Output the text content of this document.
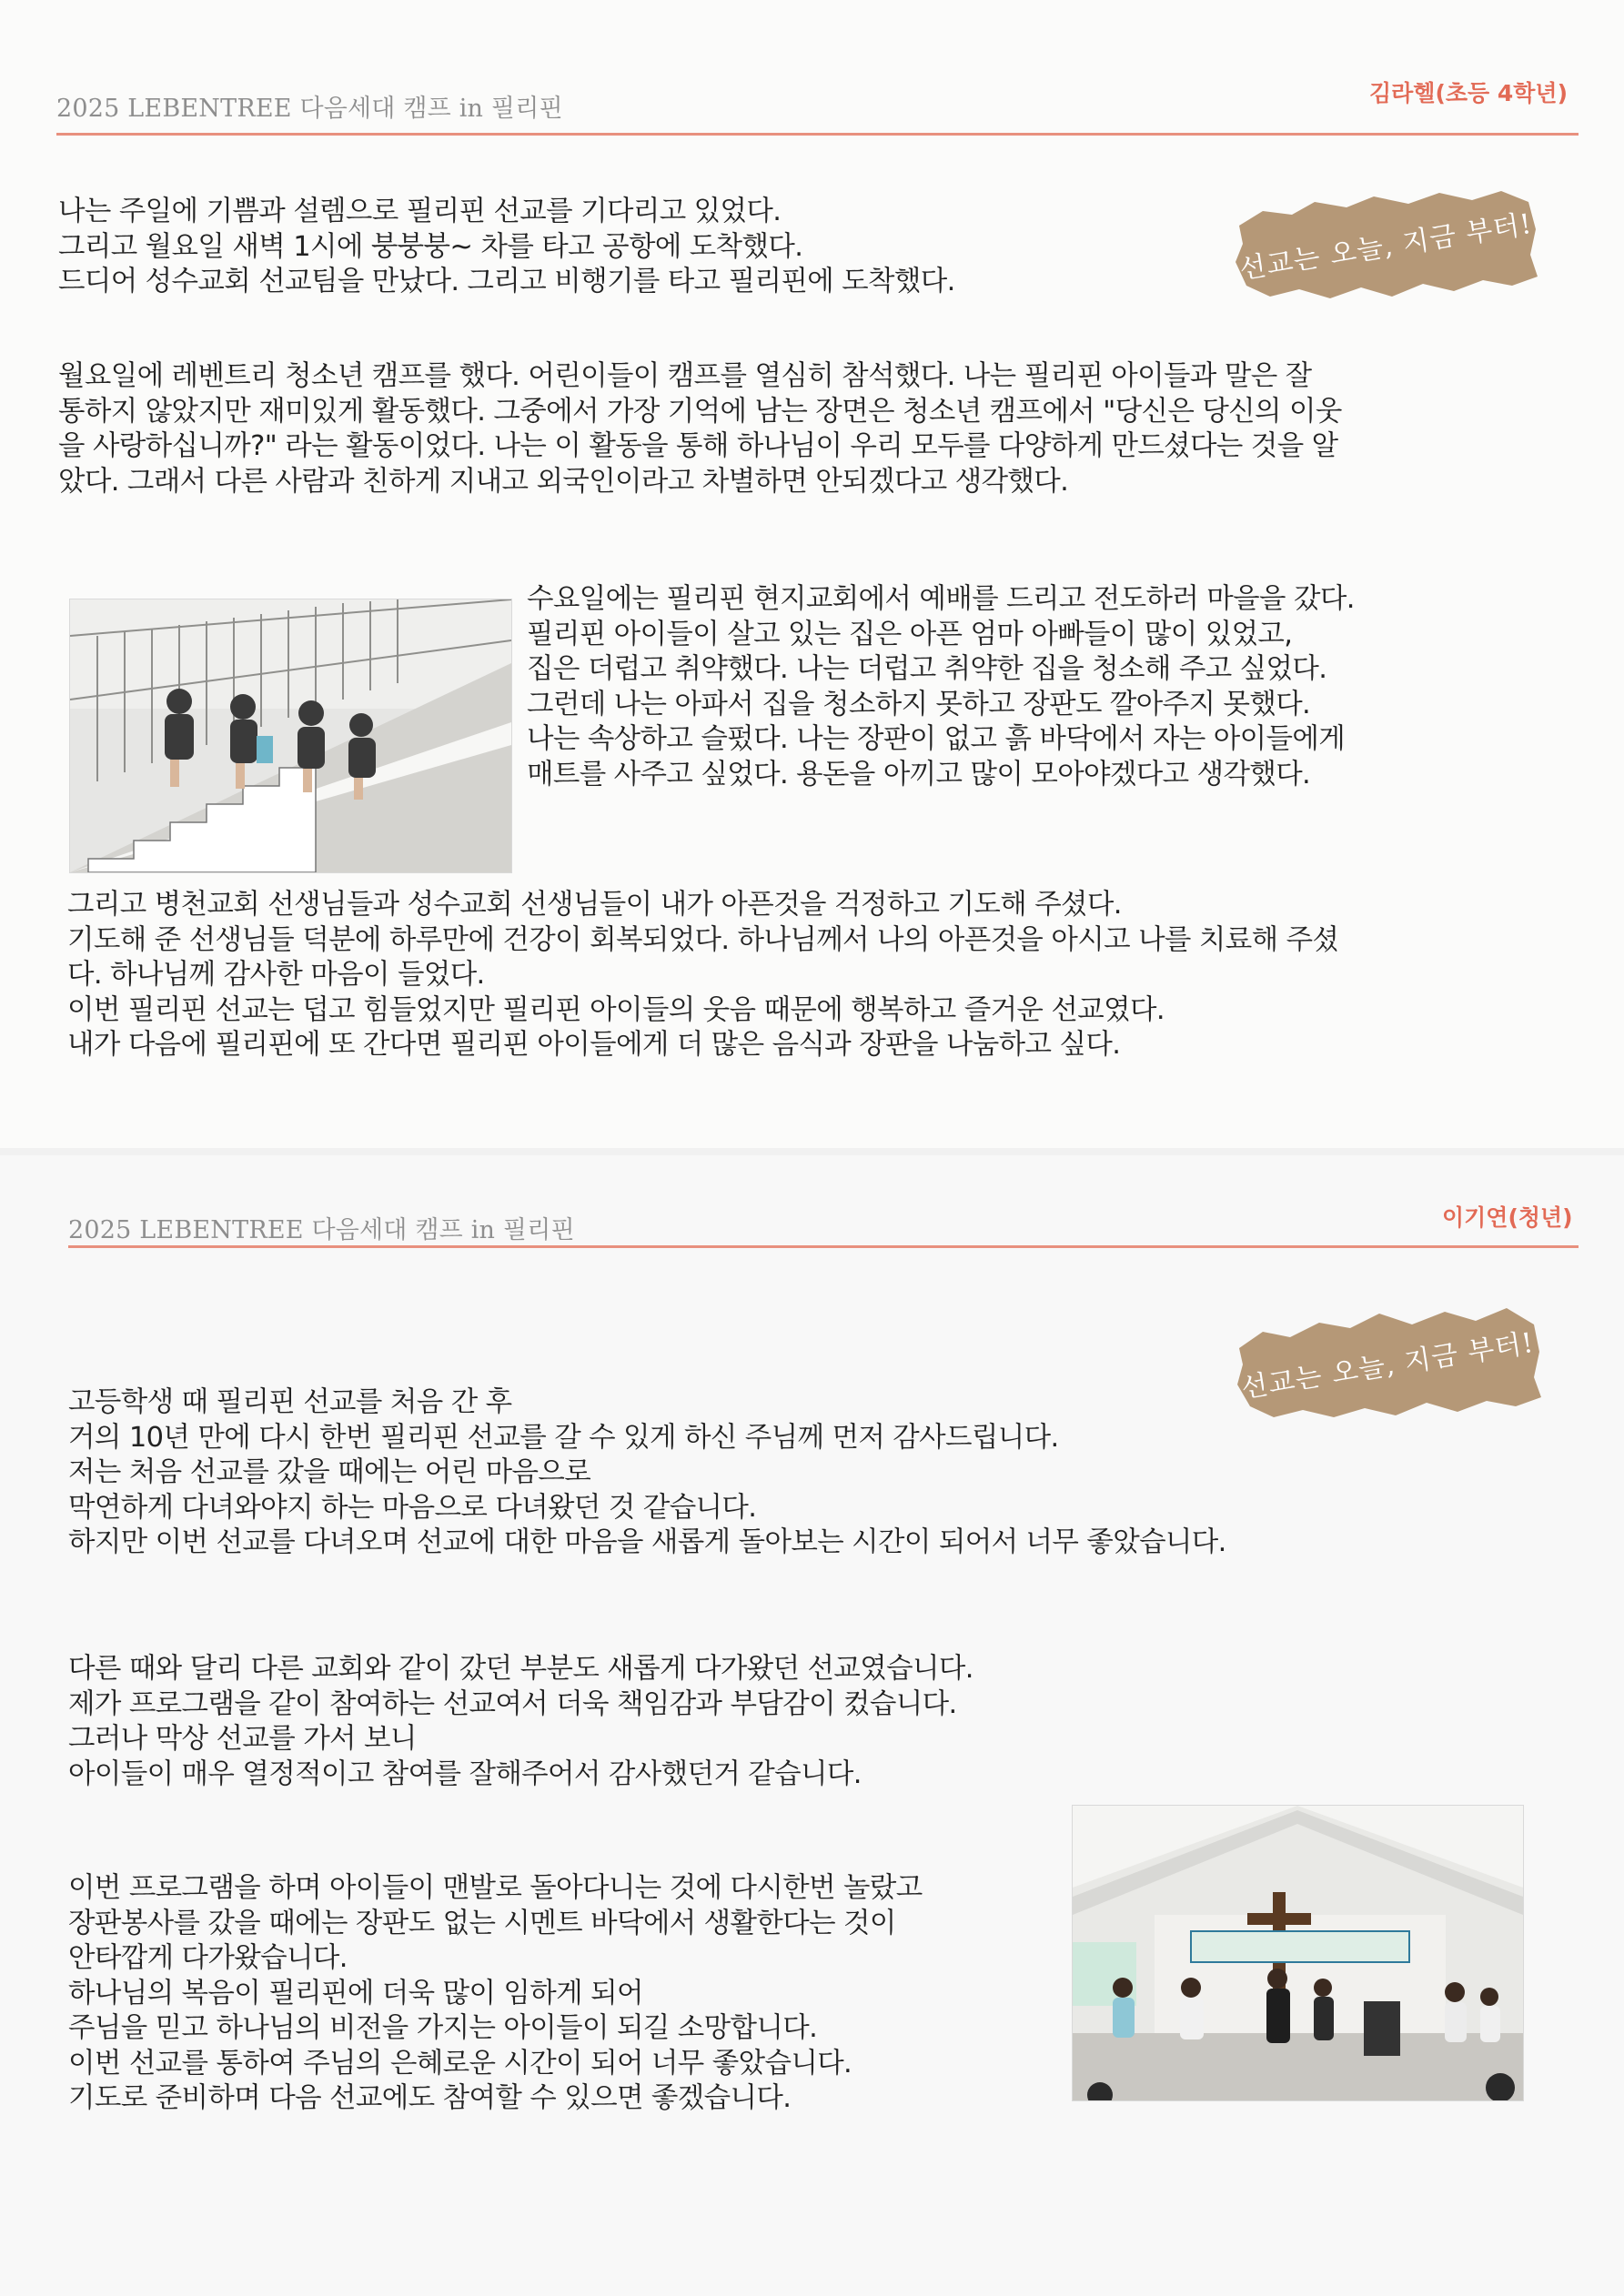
2025 LEBENTREE 다음세대 캠프 in 필리핀
김라헬(초등 4학년)
선교는 오늘, 지금 부터!
나는 주일에 기쁨과 설렘으로 필리핀 선교를 기다리고 있었다.
그리고 월요일 새벽 1시에 붕붕붕~ 차를 타고 공항에 도착했다.
드디어 성수교회 선교팀을 만났다. 그리고 비행기를 타고 필리핀에 도착했다.
월요일에 레벤트리 청소년 캠프를 했다. 어린이들이 캠프를 열심히 참석했다. 나는 필리핀 아이들과 말은 잘
통하지 않았지만 재미있게 활동했다. 그중에서 가장 기억에 남는 장면은 청소년 캠프에서 "당신은 당신의 이웃
을 사랑하십니까?" 라는 활동이었다. 나는 이 활동을 통해 하나님이 우리 모두를 다양하게 만드셨다는 것을 알
았다. 그래서 다른 사람과 친하게 지내고 외국인이라고 차별하면 안되겠다고 생각했다.
수요일에는 필리핀 현지교회에서 예배를 드리고 전도하러 마을을 갔다.
필리핀 아이들이 살고 있는 집은 아픈 엄마 아빠들이 많이 있었고,
집은 더럽고 취약했다. 나는 더럽고 취약한 집을 청소해 주고 싶었다.
그런데 나는 아파서 집을 청소하지 못하고 장판도 깔아주지 못했다.
나는 속상하고 슬펐다. 나는 장판이 없고 흙 바닥에서 자는 아이들에게
매트를 사주고 싶었다. 용돈을 아끼고 많이 모아야겠다고 생각했다.
그리고 병천교회 선생님들과 성수교회 선생님들이 내가 아픈것을 걱정하고 기도해 주셨다.
기도해 준 선생님들 덕분에 하루만에 건강이 회복되었다. 하나님께서 나의 아픈것을 아시고 나를 치료해 주셨
다. 하나님께 감사한 마음이 들었다.
이번 필리핀 선교는 덥고 힘들었지만 필리핀 아이들의 웃음 때문에 행복하고 즐거운 선교였다.
내가 다음에 필리핀에 또 간다면 필리핀 아이들에게 더 많은 음식과 장판을 나눔하고 싶다.
2025 LEBENTREE 다음세대 캠프 in 필리핀	이기연(청년)
선교는 오늘, 지금 부터!
고등학생 때 필리핀 선교를 처음 간 후
거의 10년 만에 다시 한번 필리핀 선교를 갈 수 있게 하신 주님께 먼저 감사드립니다.
저는 처음 선교를 갔을 때에는 어린 마음으로
막연하게 다녀와야지 하는 마음으로 다녀왔던 것 같습니다.
하지만 이번 선교를 다녀오며 선교에 대한 마음을 새롭게 돌아보는 시간이 되어서 너무 좋았습니다.
다른 때와 달리 다른 교회와 같이 갔던 부분도 새롭게 다가왔던 선교였습니다.
제가 프로그램을 같이 참여하는 선교여서 더욱 책임감과 부담감이 컸습니다.
그러나 막상 선교를 가서 보니
아이들이 매우 열정적이고 참여를 잘해주어서 감사했던거 같습니다.
이번 프로그램을 하며 아이들이 맨발로 돌아다니는 것에 다시한번 놀랐고
장판봉사를 갔을 때에는 장판도 없는 시멘트 바닥에서 생활한다는 것이
안타깝게 다가왔습니다.
하나님의 복음이 필리핀에 더욱 많이 임하게 되어
주님을 믿고 하나님의 비전을 가지는 아이들이 되길 소망합니다.
이번 선교를 통하여 주님의 은혜로운 시간이 되어 너무 좋았습니다.
기도로 준비하며 다음 선교에도 참여할 수 있으면 좋겠습니다.
